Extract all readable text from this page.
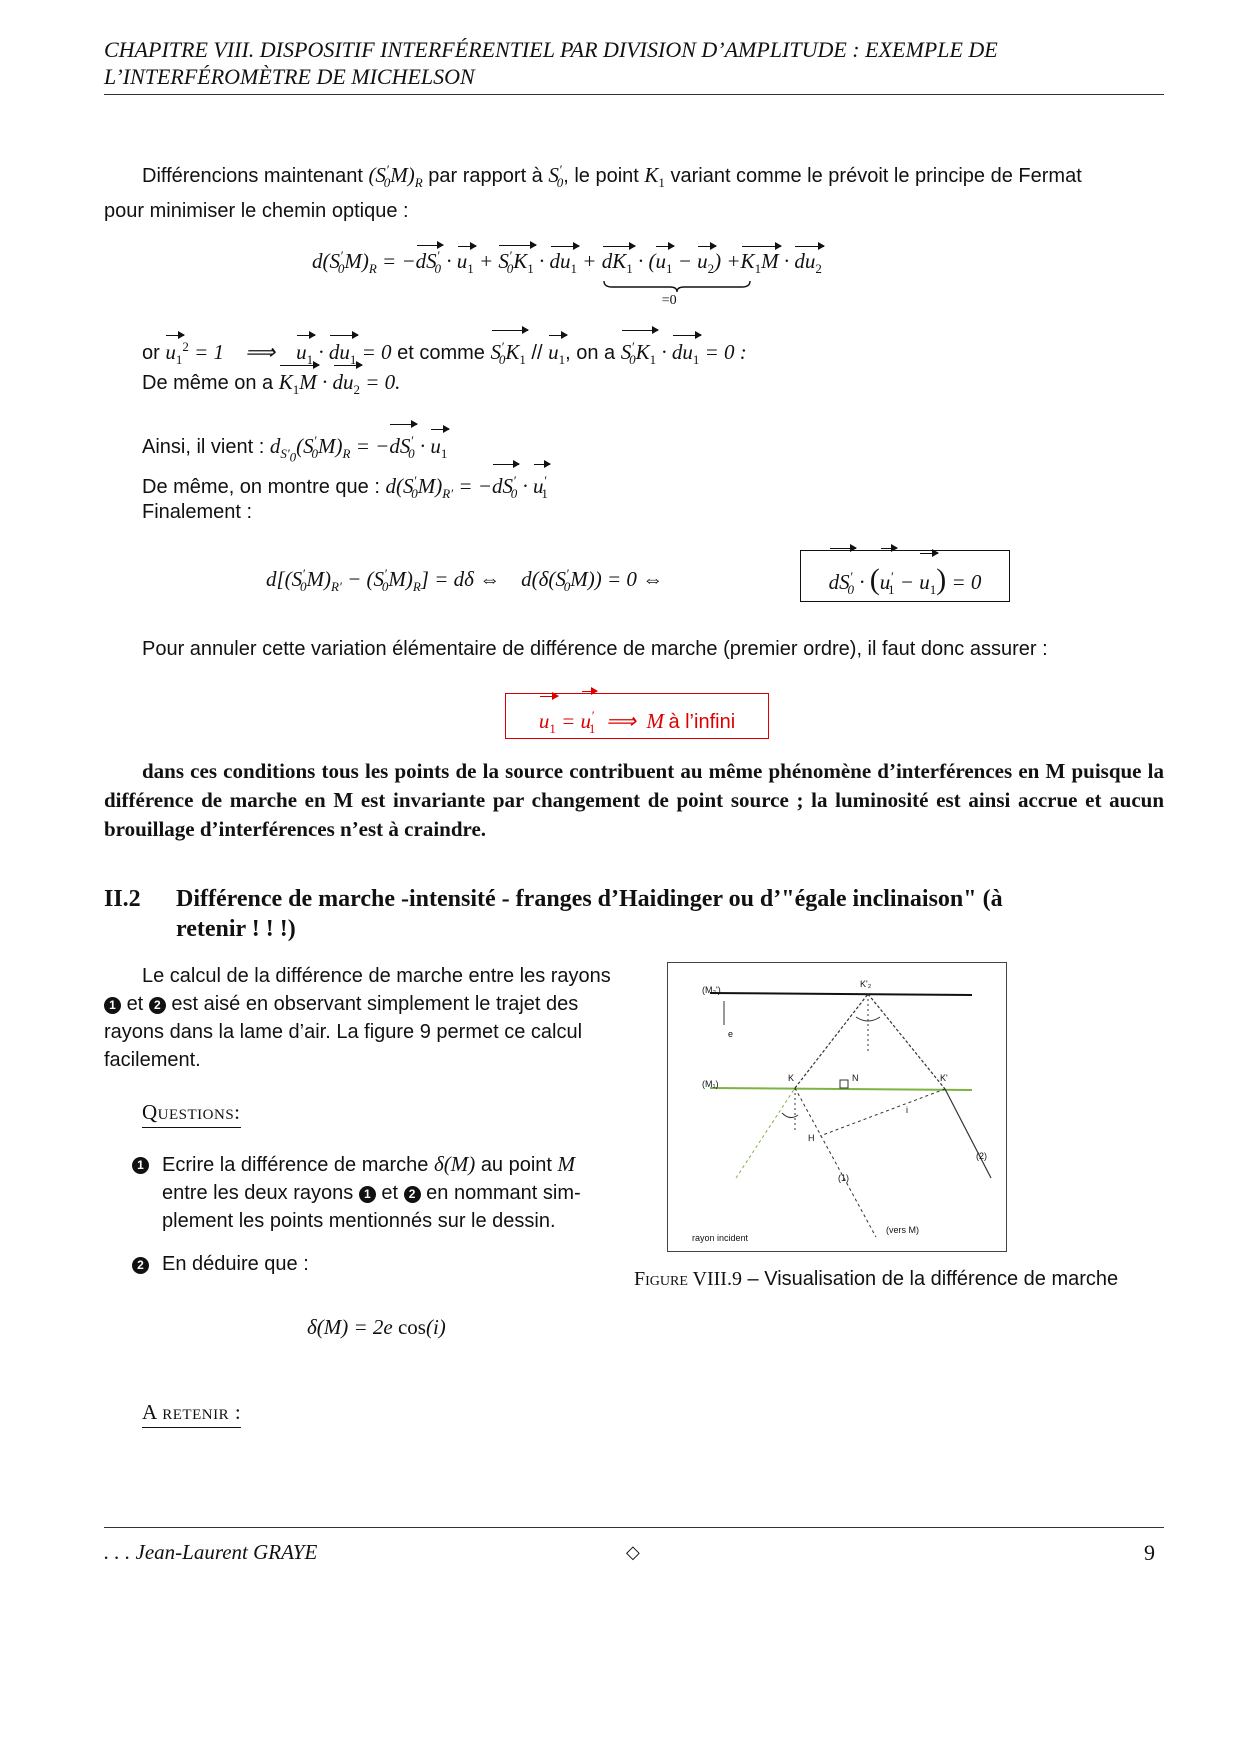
CHAPITRE VIII. DISPOSITIF INTERFÉRENTIEL PAR DIVISION D’AMPLITUDE : EXEMPLE DE
L’INTERFÉROMÈTRE DE MICHELSON
Différencions maintenant $(S'_0M)_R$ par rapport à $S'_0$, le point $K_1$ variant comme le prévoit le principe de Fermat
pour minimiser le chemin optique :
$d(S'_0M)_R = -dS'_0 \cdot u_1 + S'_0K_1 \cdot du_1 + dK_1 \cdot (u_1 - u_2)$
=0
$+K_1M \cdot du_2$
or $u_1^2 = 1$    ⟹    $u_1 \cdot du_1 = 0$ et comme $S'_0K_1 // u_1$, on a $S'_0K_1 \cdot du_1 = 0$ :
De même on a $K_1M \cdot du_2 = 0$.
Ainsi, il vient : $d_{S'_0}(S'_0M)_R = -dS'_0 \cdot u_1$
De même, on montre que : $d(S'_0M)_{R'} = -dS'_0 \cdot u'_1$
Finalement :
$d[(S'_0M)_{R'} - (S'_0M)_R] = d\delta$ ⇔    $d(\delta(S'_0M)) = 0$ ⇔	$dS'_0 \cdot (u'_1 - u_1) = 0$
Pour annuler cette variation élémentaire de différence de marche (premier ordre), il faut donc assurer :
$u_1 = u'_1$  ⟹  M à l’infini
dans ces conditions tous les points de la source contribuent au même phénomène d’interférences en M puisque la différence de marche en M est invariante par changement de point source ; la luminosité est ainsi accrue et aucun brouillage d’interférences n’est à craindre.
II.2	Différence de marche -intensité - franges d’Haidinger ou d’"égale inclinaison" (à
retenir ! ! !)
Le calcul de la différence de marche entre les rayons
1 et 2 est aisé en observant simplement le trajet des
rayons dans la lame d’air. La figure 9 permet ce calcul
facilement.
Questions:
1 Ecrire la différence de marche δ(M) au point M
entre les deux rayons 1 et 2 en nommant sim-
plement les points mentionnés sur le dessin.
2 En déduire que :
δ(M) = 2e cos(i)
A retenir :
(M₂')
K'₂
e
(M₁)
K	N	K'
i
H
(1)
(2)
rayon incident
(vers M)
Figure VIII.9 – Visualisation de la différence de marche
. . . Jean-Laurent GRAYE	◇	9
